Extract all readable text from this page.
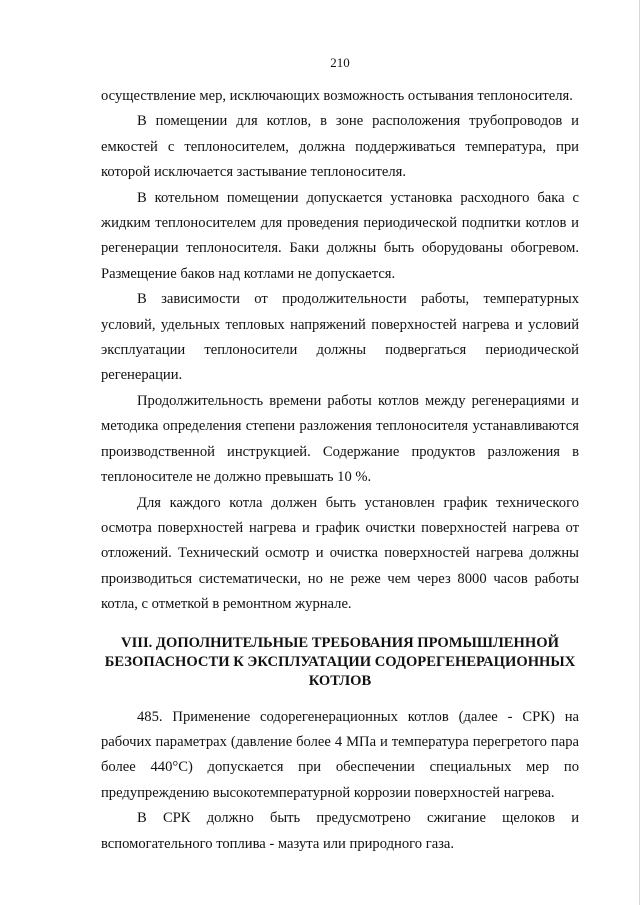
210

осуществление мер, исключающих возможность остывания теплоносителя.

В помещении для котлов, в зоне расположения трубопроводов и емкостей с теплоносителем, должна поддерживаться температура, при которой исключается застывание теплоносителя.

В котельном помещении допускается установка расходного бака с жидким теплоносителем для проведения периодической подпитки котлов и регенерации теплоносителя. Баки должны быть оборудованы обогревом. Размещение баков над котлами не допускается.

В зависимости от продолжительности работы, температурных условий, удельных тепловых напряжений поверхностей нагрева и условий эксплуатации теплоносители должны подвергаться периодической регенерации.

Продолжительность времени работы котлов между регенерациями и методика определения степени разложения теплоносителя устанавливаются производственной инструкцией. Содержание продуктов разложения в теплоносителе не должно превышать 10 %.

Для каждого котла должен быть установлен график технического осмотра поверхностей нагрева и график очистки поверхностей нагрева от отложений. Технический осмотр и очистка поверхностей нагрева должны производиться систематически, но не реже чем через 8000 часов работы котла, с отметкой в ремонтном журнале.

VIII. ДОПОЛНИТЕЛЬНЫЕ ТРЕБОВАНИЯ ПРОМЫШЛЕННОЙ БЕЗОПАСНОСТИ К ЭКСПЛУАТАЦИИ СОДОРЕГЕНЕРАЦИОННЫХ КОТЛОВ

485. Применение содорегенерационных котлов (далее - СРК) на рабочих параметрах (давление более 4 МПа и температура перегретого пара более 440°С) допускается при обеспечении специальных мер по предупреждению высокотемпературной коррозии поверхностей нагрева.

В СРК должно быть предусмотрено сжигание щелоков и вспомогательного топлива - мазута или природного газа.
